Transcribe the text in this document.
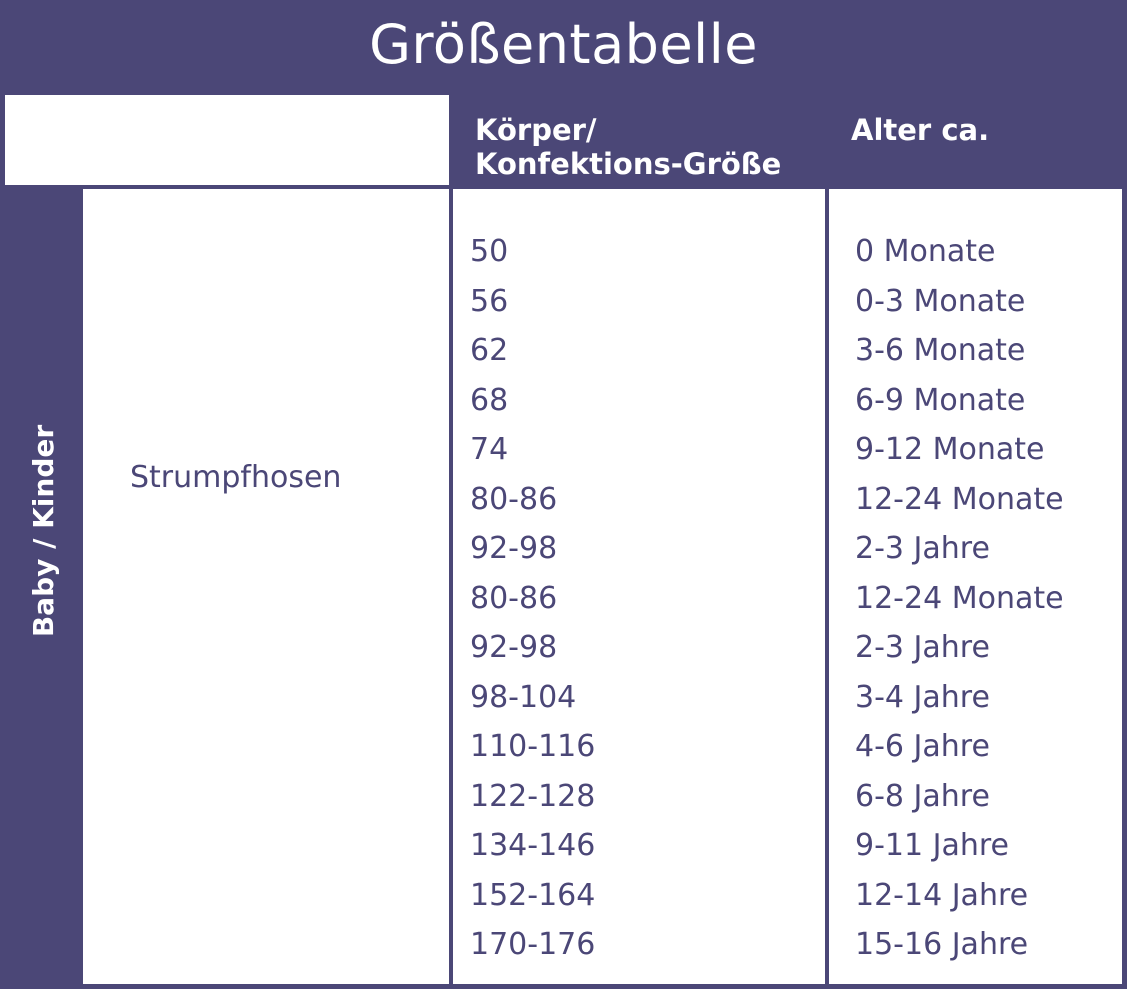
Größentabelle
Körper/
Konfektions-Größe
Alter ca.
Baby / Kinder Strumpfhosen
50
56
62
68
74
80-86
92-98
80-86
92-98
98-104
110-116
122-128
134-146
152-164
170-176
0 Monate
0-3 Monate
3-6 Monate
6-9 Monate
9-12 Monate
12-24 Monate
2-3 Jahre
12-24 Monate
2-3 Jahre
3-4 Jahre
4-6 Jahre
6-8 Jahre
9-11 Jahre
12-14 Jahre
15-16 Jahre
